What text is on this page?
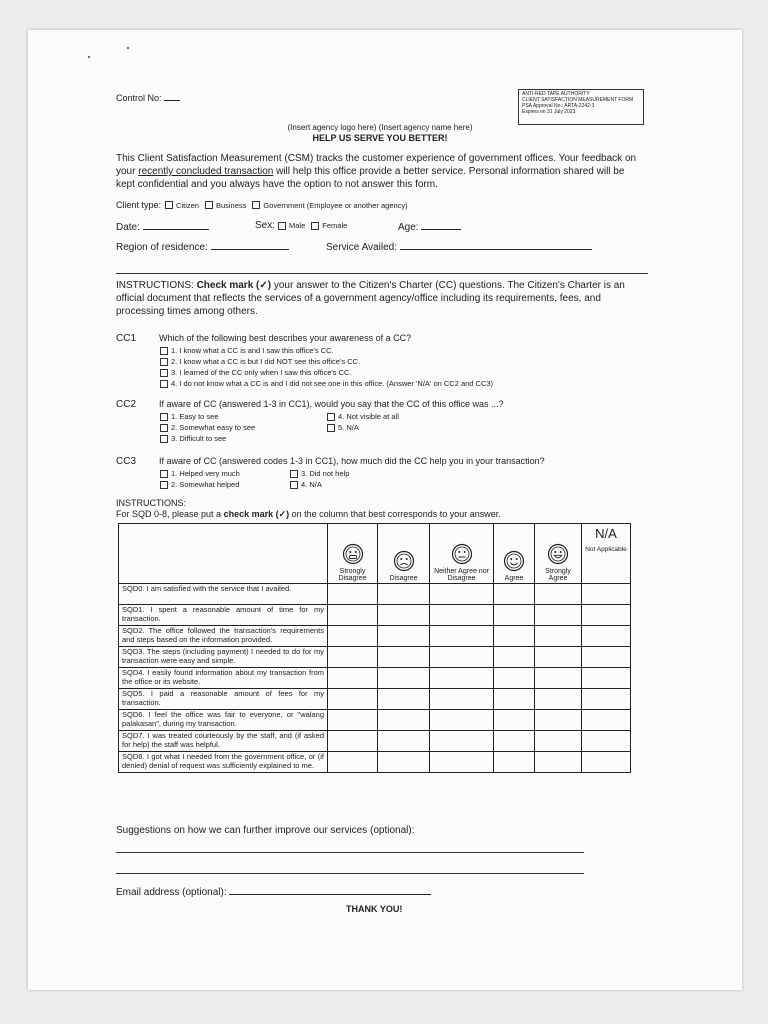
Control No:	ANTI-RED TAPE AUTHORITY
CLIENT SATISFACTION MEASUREMENT FORM
PSA Approval No.: ARTA-2242-3
Expires on 31 July 2023
(Insert agency logo here) (Insert agency name here)
HELP US SERVE YOU BETTER!
This Client Satisfaction Measurement (CSM) tracks the customer experience of government offices. Your feedback on your recently concluded transaction will help this office provide a better service. Personal information shared will be kept confidential and you always have the option to not answer this form.
Client type: Citizen Business Government (Employee or another agency)
Date:	Sex: Male Female	Age:
Region of residence:	Service Availed:
INSTRUCTIONS: Check mark (✓) your answer to the Citizen's Charter (CC) questions. The Citizen's Charter is an official document that reflects the services of a government agency/office including its requirements, fees, and processing times among others.
CC1	Which of the following best describes your awareness of a CC?
1. I know what a CC is and I saw this office's CC.
2. I know what a CC is but I did NOT see this office's CC.
3. I learned of the CC only when I saw this office's CC.
4. I do not know what a CC is and I did not see one in this office. (Answer 'N/A' on CC2 and CC3)
CC2	If aware of CC (answered 1-3 in CC1), would you say that the CC of this office was ...?
1. Easy to see
2. Somewhat easy to see
3. Difficult to see
4. Not visible at all
5. N/A
CC3	If aware of CC (answered codes 1-3 in CC1), how much did the CC help you in your transaction?
1. Helped very much
2. Somewhat helped
3. Did not help
4. N/A
INSTRUCTIONS:
For SQD 0-8, please put a check mark (✓) on the column that best corresponds to your answer.

Strongly Disagree	Disagree	Neither Agree nor Disagree	Agree	Strongly Agree	N/A
Not Applicable

SQD0. I am satisfied with the service that I availed.						
SQD1. I spent a reasonable amount of time for my transaction.						
SQD2. The office followed the transaction's requirements and steps based on the information provided.						
SQD3. The steps (including payment) I needed to do for my transaction were easy and simple.						
SQD4. I easily found information about my transaction from the office or its website.						
SQD5. I paid a reasonable amount of fees for my transaction.						
SQD6. I feel the office was fair to everyone, or "walang palakasan", during my transaction.						
SQD7. I was treated courteously by the staff, and (if asked for help) the staff was helpful.						
SQD8. I got what I needed from the government office, or (if denied) denial of request was sufficiently explained to me.						
Suggestions on how we can further improve our services (optional):
Email address (optional):
THANK YOU!
